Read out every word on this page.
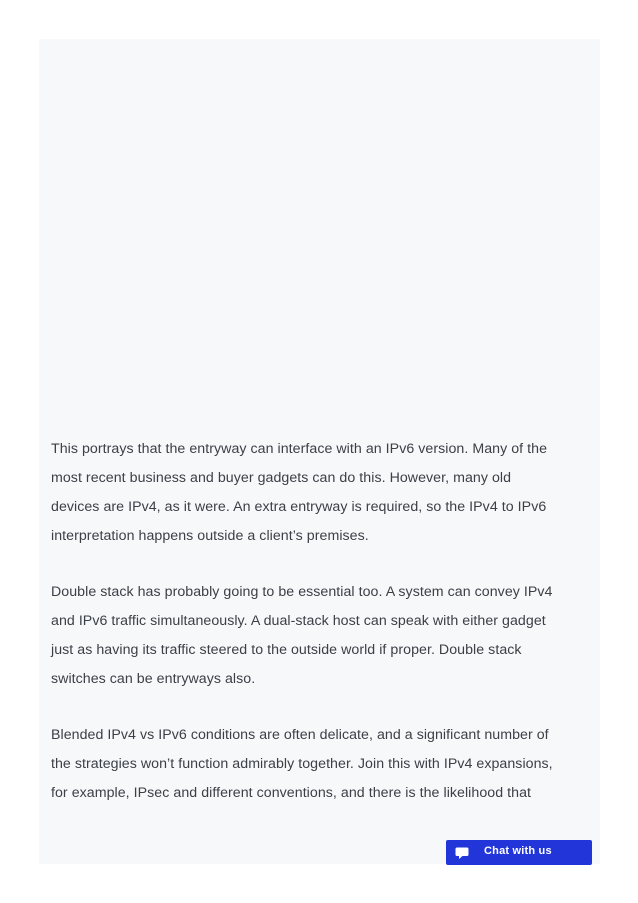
This portrays that the entryway can interface with an IPv6 version. Many of the
most recent business and buyer gadgets can do this. However, many old
devices are IPv4, as it were. An extra entryway is required, so the IPv4 to IPv6
interpretation happens outside a client’s premises.

Double stack has probably going to be essential too. A system can convey IPv4
and IPv6 traffic simultaneously. A dual-stack host can speak with either gadget
just as having its traffic steered to the outside world if proper. Double stack
switches can be entryways also.

Blended IPv4 vs IPv6 conditions are often delicate, and a significant number of
the strategies won’t function admirably together. Join this with IPv4 expansions,
for example, IPsec and different conventions, and there is the likelihood that

Chat with us
